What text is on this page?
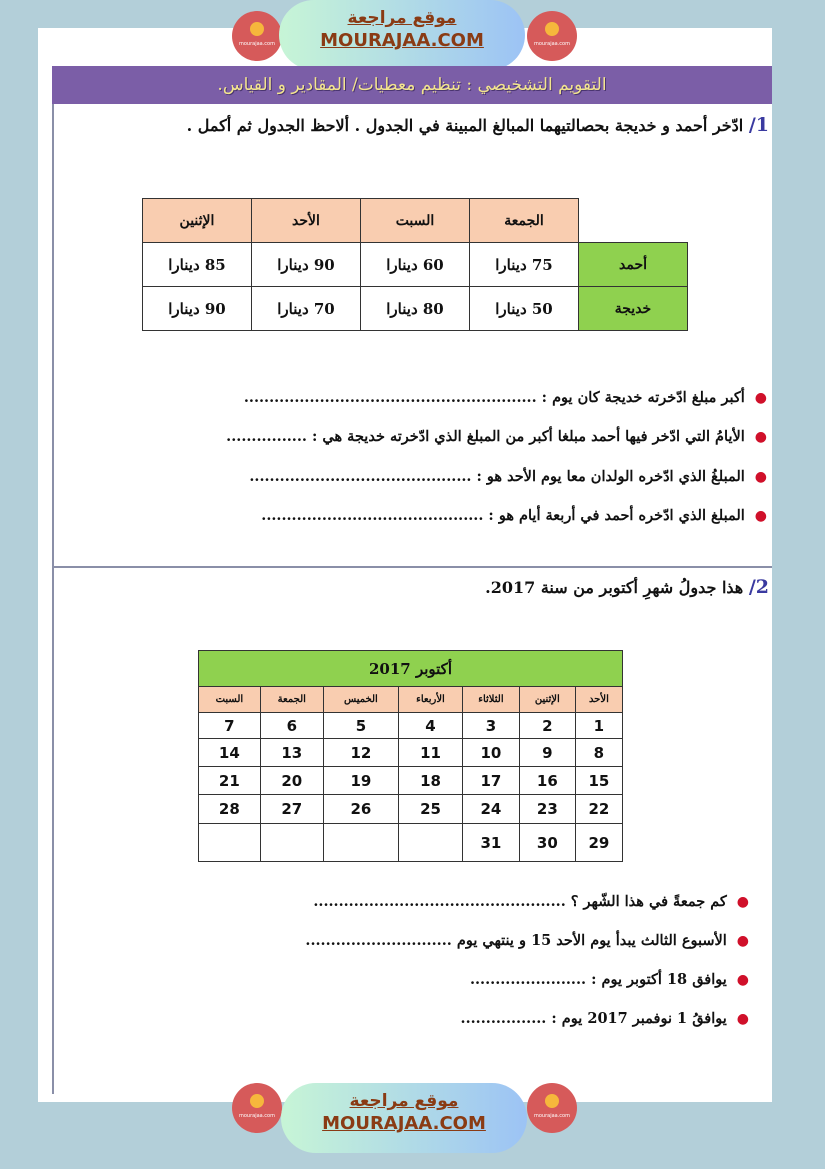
mourajaa.com
موقع مراجعة
MOURAJAA.COM	mourajaa.com
التقويم التشخيصي : تنظيم معطيات/ المقادير و القياس.
1/ ادّخر أحمد و خديجة بحصالتيهما المبالغ المبينة في الجدول . ألاحظ الجدول ثم أكمل .
	الجمعة	السبت	الأحد	الإثنين
أحمد	75 دينارا	60 دينارا	90 دينارا	85 دينارا
خديجة	50 دينارا	80 دينارا	70 دينارا	90 دينارا
●أكبر مبلغ ادّخرته خديجة كان يوم : ..........................................................
●الأيامُ التي ادّخر فيها أحمد مبلغا أكبر من المبلغ الذي ادّخرته خديجة هي : ................
●المبلغُ الذي ادّخره الولدان معا يوم الأحد هو : ............................................
●المبلغ الذي ادّخره أحمد في أربعة أيام هو : ............................................
2/ هذا جدولُ شهرِ أكتوبر من سنة 2017.
أكتوبر 2017						
الأحد	الإثنين	الثلاثاء	الأربعاء	الخميس	الجمعة	السبت
1	2	3	4	5	6	7
8	9	10	11	12	13	14
15	16	17	18	19	20	21
22	23	24	25	26	27	28
29	30	31				
●كم جمعةً في هذا الشّهر ؟ ..................................................
●الأسبوع الثالث يبدأ يوم الأحد 15 و ينتهي يوم .............................
●يوافق 18 أكتوبر يوم : .......................
●يوافقُ 1 نوفمبر 2017 يوم : .................
mourajaa.com
موقع مراجعة
MOURAJAA.COM	mourajaa.com
